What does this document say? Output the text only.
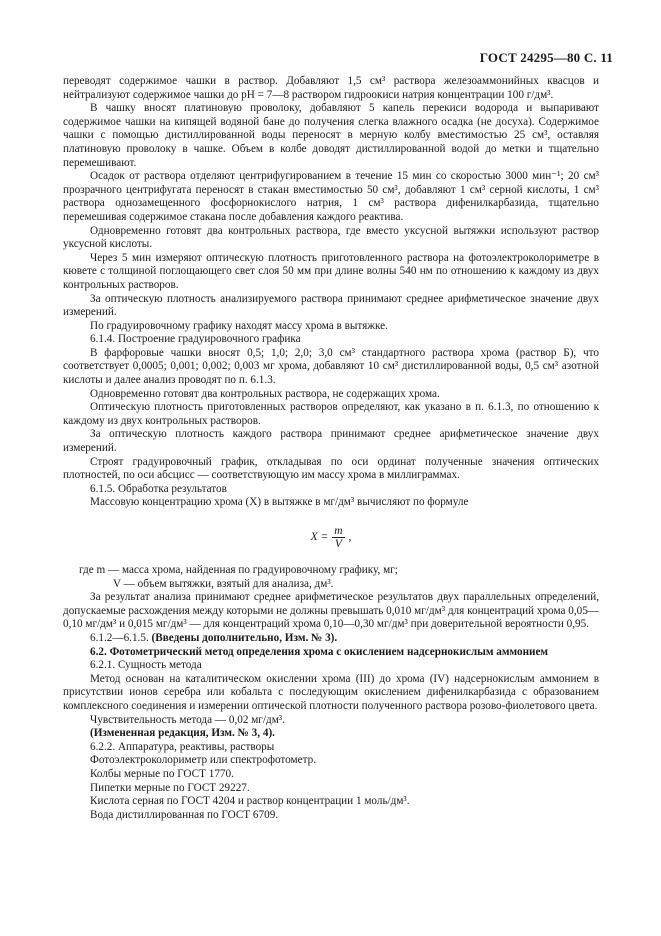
ГОСТ 24295—80 С. 11

переводят содержимое чашки в раствор. Добавляют 1,5 см³ раствора железоаммонийных квасцов и нейтрализуют содержимое чашки до рН = 7—8 раствором гидроокиси натрия концентрации 100 г/дм³.

В чашку вносят платиновую проволоку, добавляют 5 капель перекиси водорода и выпаривают содержимое чашки на кипящей водяной бане до получения слегка влажного осадка (не досуха). Содержимое чашки с помощью дистиллированной воды переносят в мерную колбу вместимостью 25 см³, оставляя платиновую проволоку в чашке. Объем в колбе доводят дистиллированной водой до метки и тщательно перемешивают.

Осадок от раствора отделяют центрифугированием в течение 15 мин со скоростью 3000 мин⁻¹; 20 см³ прозрачного центрифугата переносят в стакан вместимостью 50 см³, добавляют 1 см³ серной кислоты, 1 см³ раствора однозамещенного фосфорнокислого натрия, 1 см³ раствора дифенилкарбазида, тщательно перемешивая содержимое стакана после добавления каждого реактива.

Одновременно готовят два контрольных раствора, где вместо уксусной вытяжки используют раствор уксусной кислоты.

Через 5 мин измеряют оптическую плотность приготовленного раствора на фотоэлектроколориметре в кювете с толщиной поглощающего свет слоя 50 мм при длине волны 540 нм по отношению к каждому из двух контрольных растворов.

За оптическую плотность анализируемого раствора принимают среднее арифметическое значение двух измерений.

По градуировочному графику находят массу хрома в вытяжке.

6.1.4. Построение градуировочного графика

В фарфоровые чашки вносят 0,5; 1,0; 2,0; 3,0 см³ стандартного раствора хрома (раствор Б), что соответствует 0,0005; 0,001; 0,002; 0,003 мг хрома, добавляют 10 см³ дистиллированной воды, 0,5 см³ азотной кислоты и далее анализ проводят по п. 6.1.3.

Одновременно готовят два контрольных раствора, не содержащих хрома.

Оптическую плотность приготовленных растворов определяют, как указано в п. 6.1.3, по отношению к каждому из двух контрольных растворов.

За оптическую плотность каждого раствора принимают среднее арифметическое значение двух измерений.

Строят градуировочный график, откладывая по оси ординат полученные значения оптических плотностей, по оси абсцисс — соответствующую им массу хрома в миллиграммах.

6.1.5. Обработка результатов

Массовую концентрацию хрома (X) в вытяжке в мг/дм³ вычисляют по формуле

$X = \frac{m}{V}$ ,

где m — масса хрома, найденная по градуировочному графику, мг;

V — объем вытяжки, взятый для анализа, дм³.

За результат анализа принимают среднее арифметическое результатов двух параллельных определений, допускаемые расхождения между которыми не должны превышать 0,010 мг/дм³ для концентраций хрома 0,05—0,10 мг/дм³ и 0,015 мг/дм³ — для концентраций хрома 0,10—0,30 мг/дм³ при доверительной вероятности 0,95.

6.1.2—6.1.5. (Введены дополнительно, Изм. № 3).

6.2. Фотометрический метод определения хрома с окислением надсернокислым аммонием

6.2.1. Сущность метода

Метод основан на каталитическом окислении хрома (III) до хрома (IV) надсернокислым аммонием в присутствии ионов серебра или кобальта с последующим окислением дифенилкарбазида с образованием комплексного соединения и измерении оптической плотности полученного раствора розово-фиолетового цвета.

Чувствительность метода — 0,02 мг/дм³.

(Измененная редакция, Изм. № 3, 4).

6.2.2. Аппаратура, реактивы, растворы

Фотоэлектроколориметр или спектрофотометр.

Колбы мерные по ГОСТ 1770.

Пипетки мерные по ГОСТ 29227.

Кислота серная по ГОСТ 4204 и раствор концентрации 1 моль/дм³.

Вода дистиллированная по ГОСТ 6709.
